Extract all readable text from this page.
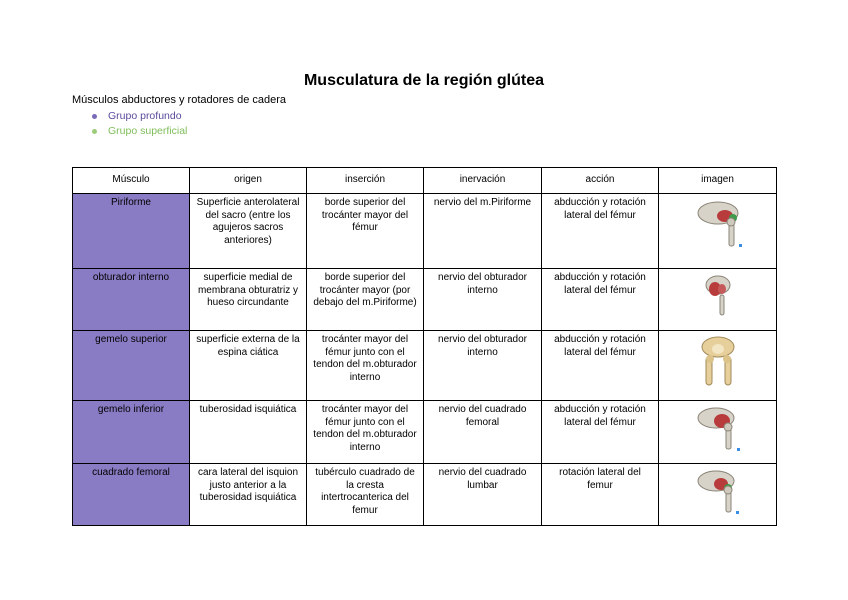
Musculatura de la región glútea
Músculos abductores y rotadores de cadera
Grupo profundo
Grupo superficial
Músculo	origen	inserción	inervación	acción	imagen
Piriforme	Superficie anterolateral del sacro (entre los agujeros sacros anteriores)	borde superior del trocánter mayor del fémur	nervio del m.Piriforme	abducción y rotación lateral del fémur	

obturador interno	superficie medial de membrana obturatriz y hueso circundante	borde superior del trocánter mayor (por debajo del m.Piriforme)	nervio del obturador interno	abducción y rotación lateral del fémur	

gemelo superior	superficie externa de la espina ciática	trocánter mayor del fémur junto con el tendon del m.obturador interno	nervio del obturador interno	abducción y rotación lateral del fémur	

gemelo inferior	tuberosidad isquiática	trocánter mayor del fémur junto con el tendon del m.obturador interno	nervio del cuadrado femoral	abducción y rotación lateral del fémur	

cuadrado femoral	cara lateral del isquion justo anterior a la tuberosidad isquiática	tubérculo cuadrado de la cresta intertrocanterica del femur	nervio del cuadrado lumbar	rotación lateral del femur	
